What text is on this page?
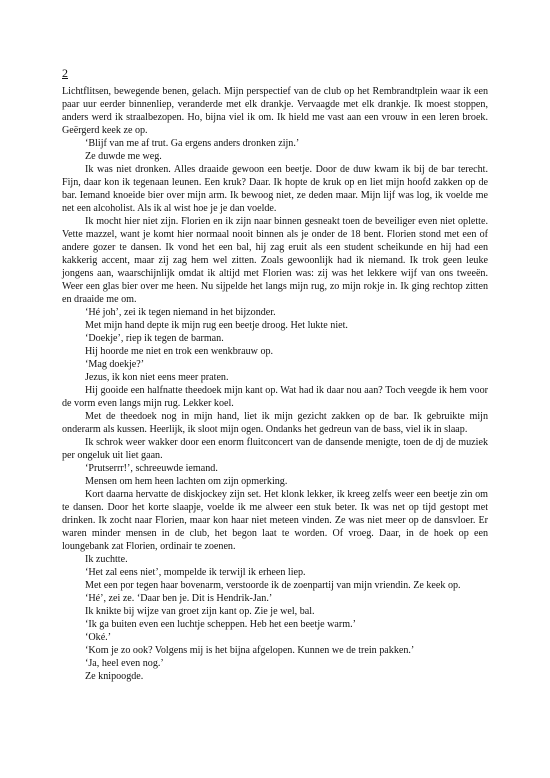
2

Lichtflitsen, bewegende benen, gelach. Mijn perspectief van de club op het Rembrandtplein waar ik een paar uur eerder binnenliep, veranderde met elk drankje. Vervaagde met elk drankje. Ik moest stoppen, anders werd ik straalbezopen. Ho, bijna viel ik om. Ik hield me vast aan een vrouw in een leren broek. Geërgerd keek ze op.

‘Blijf van me af trut. Ga ergens anders dronken zijn.’

Ze duwde me weg.

Ik was niet dronken. Alles draaide gewoon een beetje. Door de duw kwam ik bij de bar terecht. Fijn, daar kon ik tegenaan leunen. Een kruk? Daar. Ik hopte de kruk op en liet mijn hoofd zakken op de bar. Iemand knoeide bier over mijn arm. Ik bewoog niet, ze deden maar. Mijn lijf was log, ik voelde me net een alcoholist. Als ik al wist hoe je je dan voelde.

Ik mocht hier niet zijn. Florien en ik zijn naar binnen gesneakt toen de beveiliger even niet oplette. Vette mazzel, want je komt hier normaal nooit binnen als je onder de 18 bent. Florien stond met een of andere gozer te dansen. Ik vond het een bal, hij zag eruit als een student scheikunde en hij had een kakkerig accent, maar zij zag hem wel zitten. Zoals gewoonlijk had ik niemand. Ik trok geen leuke jongens aan, waarschijnlijk omdat ik altijd met Florien was: zij was het lekkere wijf van ons tweeën. Weer een glas bier over me heen. Nu sijpelde het langs mijn rug, zo mijn rokje in. Ik ging rechtop zitten en draaide me om.

‘Hé joh’, zei ik tegen niemand in het bijzonder.

Met mijn hand depte ik mijn rug een beetje droog. Het lukte niet.

‘Doekje’, riep ik tegen de barman.

Hij hoorde me niet en trok een wenkbrauw op.

‘Mag doekje?’

Jezus, ik kon niet eens meer praten.

Hij gooide een halfnatte theedoek mijn kant op. Wat had ik daar nou aan? Toch veegde ik hem voor de vorm even langs mijn rug. Lekker koel.

Met de theedoek nog in mijn hand, liet ik mijn gezicht zakken op de bar. Ik gebruikte mijn onderarm als kussen. Heerlijk, ik sloot mijn ogen. Ondanks het gedreun van de bass, viel ik in slaap.

Ik schrok weer wakker door een enorm fluitconcert van de dansende menigte, toen de dj de muziek per ongeluk uit liet gaan.

‘Prutserrr!’, schreeuwde iemand.

Mensen om hem heen lachten om zijn opmerking.

Kort daarna hervatte de diskjockey zijn set. Het klonk lekker, ik kreeg zelfs weer een beetje zin om te dansen. Door het korte slaapje, voelde ik me alweer een stuk beter. Ik was net op tijd gestopt met drinken. Ik zocht naar Florien, maar kon haar niet meteen vinden. Ze was niet meer op de dansvloer. Er waren minder mensen in de club, het begon laat te worden. Of vroeg. Daar, in de hoek op een loungebank zat Florien, ordinair te zoenen.

Ik zuchtte.

‘Het zal eens niet’, mompelde ik terwijl ik erheen liep.

Met een por tegen haar bovenarm, verstoorde ik de zoenpartij van mijn vriendin. Ze keek op.

‘Hé’, zei ze. ‘Daar ben je. Dit is Hendrik-Jan.’

Ik knikte bij wijze van groet zijn kant op. Zie je wel, bal.

‘Ik ga buiten even een luchtje scheppen. Heb het een beetje warm.’

‘Oké.’

‘Kom je zo ook? Volgens mij is het bijna afgelopen. Kunnen we de trein pakken.’

‘Ja, heel even nog.’

Ze knipoogde.
